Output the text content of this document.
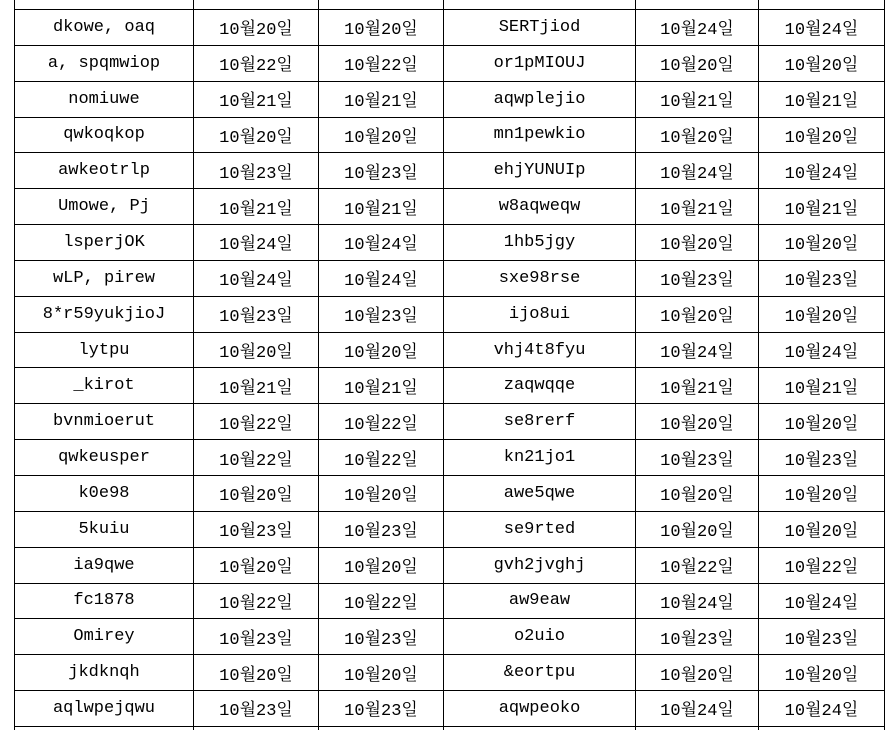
dkowe, oaq	10월20일	10월20일	SERTjiod	10월24일	10월24일
a, spqmwiop	10월22일	10월22일	or1pMIOUJ	10월20일	10월20일
nomiuwe	10월21일	10월21일	aqwplejio	10월21일	10월21일
qwkoqkop	10월20일	10월20일	mn1pewkio	10월20일	10월20일
awkeotrlp	10월23일	10월23일	ehjYUNUIp	10월24일	10월24일
Umowe, Pj	10월21일	10월21일	w8aqweqw	10월21일	10월21일
lsperjOK	10월24일	10월24일	1hb5jgy	10월20일	10월20일
wLP, pirew	10월24일	10월24일	sxe98rse	10월23일	10월23일
8*r59yukjioJ	10월23일	10월23일	ijo8ui	10월20일	10월20일
lytpu	10월20일	10월20일	vhj4t8fyu	10월24일	10월24일
_kirot	10월21일	10월21일	zaqwqqe	10월21일	10월21일
bvnmioerut	10월22일	10월22일	se8rerf	10월20일	10월20일
qwkeusper	10월22일	10월22일	kn21jo1	10월23일	10월23일
k0e98	10월20일	10월20일	awe5qwe	10월20일	10월20일
5kuiu	10월23일	10월23일	se9rted	10월20일	10월20일
ia9qwe	10월20일	10월20일	gvh2jvghj	10월22일	10월22일
fc1878	10월22일	10월22일	aw9eaw	10월24일	10월24일
Omirey	10월23일	10월23일	o2uio	10월23일	10월23일
jkdknqh	10월20일	10월20일	&eortpu	10월20일	10월20일
aqlwpejqwu	10월23일	10월23일	aqwpeoko	10월24일	10월24일
